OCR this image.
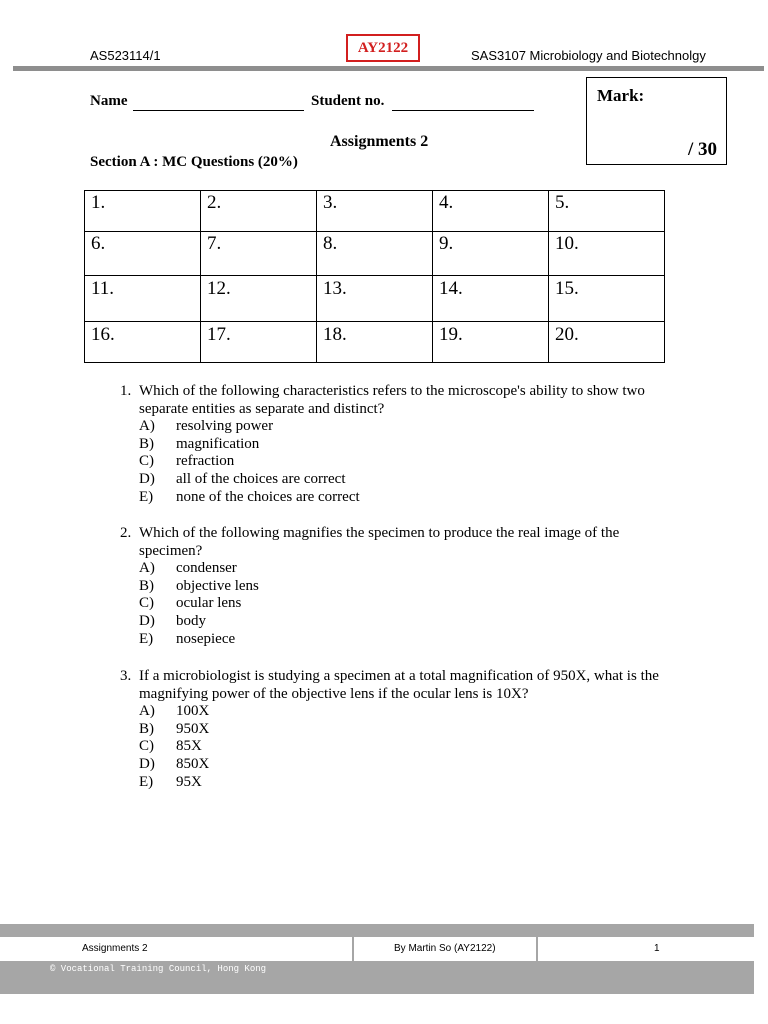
AS523114/1	AY2122	SAS3107 Microbiology and Biotechnolgy
Name	Student no.	Mark:
/ 30
Assignments 2
Section A : MC Questions (20%)
1.	2.	3.	4.	5.
6.	7.	8.	9.	10.
11.	12.	13.	14.	15.
16.	17.	18.	19.	20.
1. Which of the following characteristics refers to the microscope's ability to show two
separate entities as separate and distinct?
A) resolving power
B) magnification
C) refraction
D) all of the choices are correct
E) none of the choices are correct
2. Which of the following magnifies the specimen to produce the real image of the
specimen?
A) condenser
B) objective lens
C) ocular lens
D) body
E) nosepiece
3. If a microbiologist is studying a specimen at a total magnification of 950X, what is the
magnifying power of the objective lens if the ocular lens is 10X?
A) 100X
B) 950X
C) 85X
D) 850X
E) 95X
Assignments 2	By Martin So (AY2122)	1
© Vocational Training Council, Hong Kong
